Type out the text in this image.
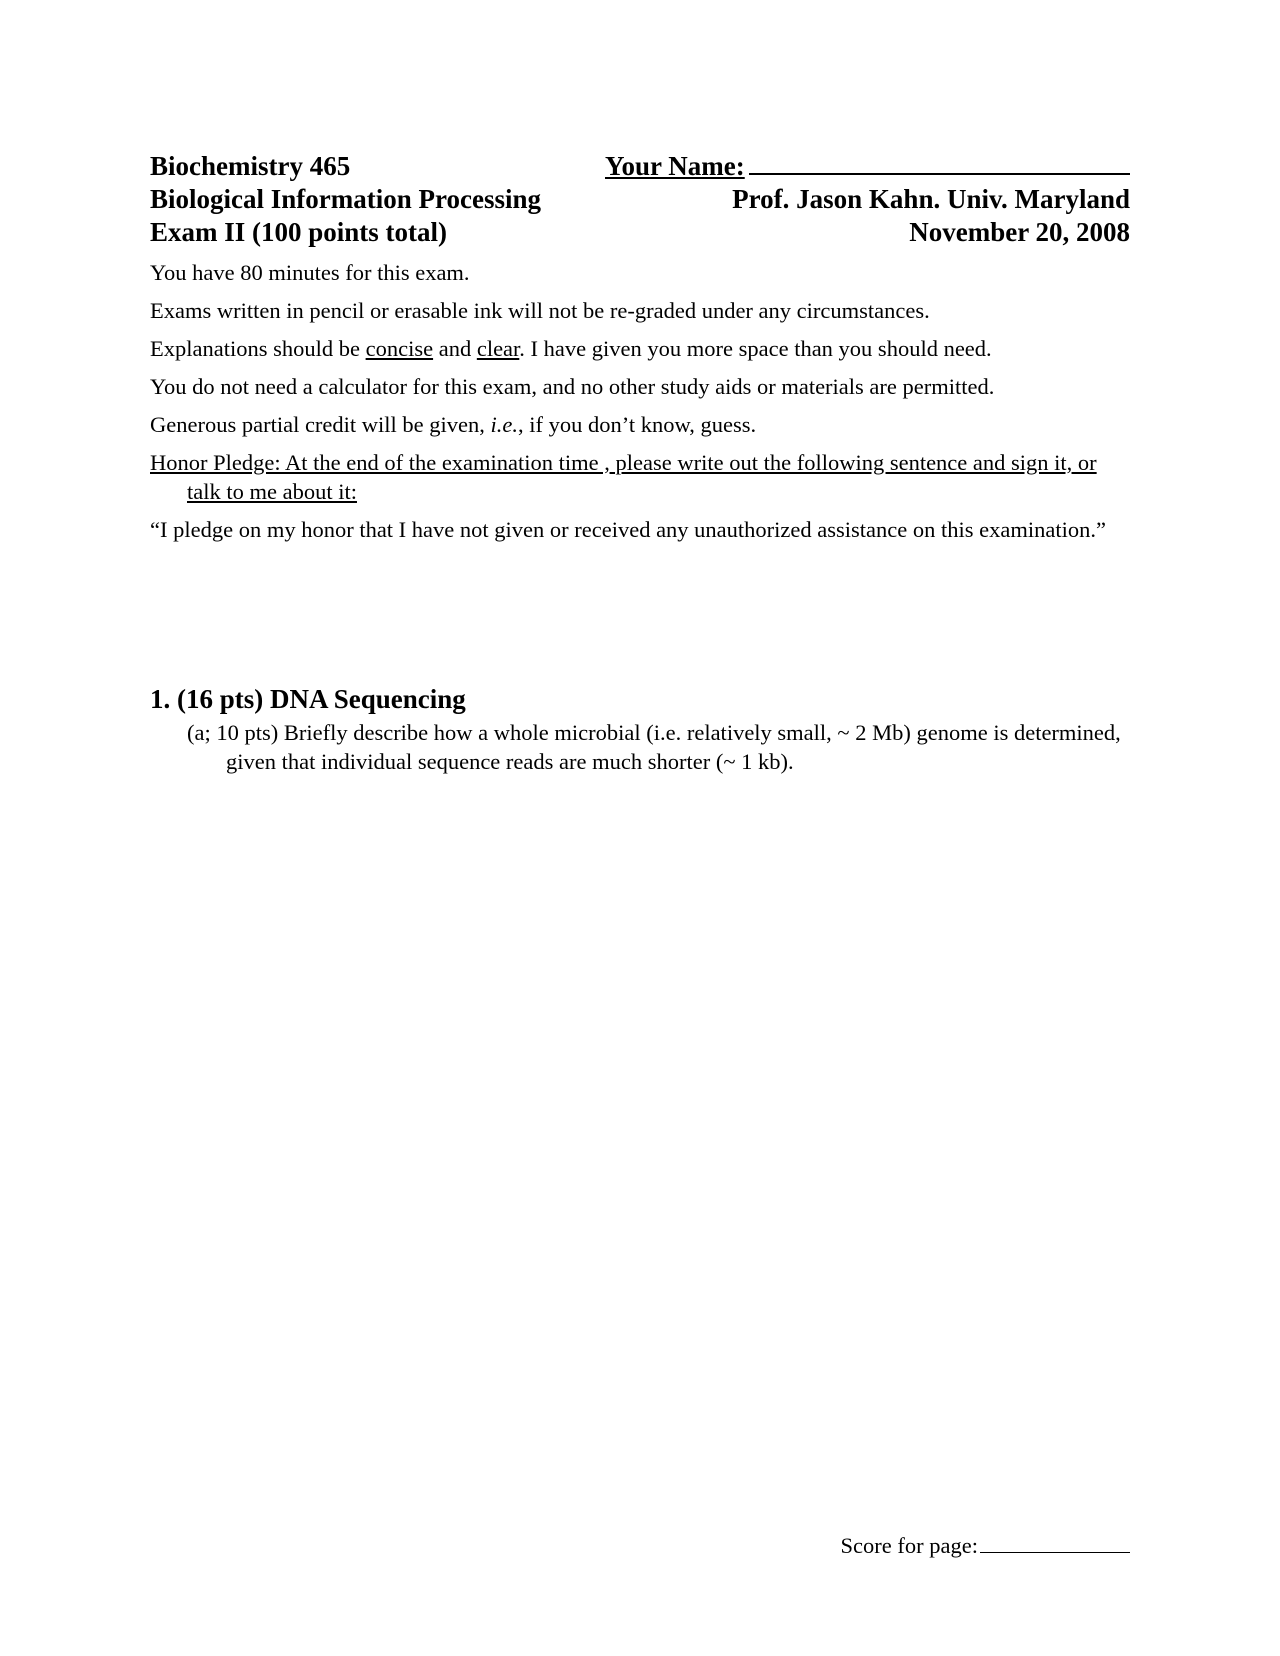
Biochemistry 465	Your Name:
Biological Information Processing	Prof. Jason Kahn. Univ. Maryland
Exam II (100 points total)	November 20, 2008

You have 80 minutes for this exam.

Exams written in pencil or erasable ink will not be re-graded under any circumstances.

Explanations should be concise and clear. I have given you more space than you should need.

You do not need a calculator for this exam, and no other study aids or materials are permitted.

Generous partial credit will be given, i.e., if you don’t know, guess.

Honor Pledge: At the end of the examination time , please write out the following sentence and sign it, or talk to me about it:

“I pledge on my honor that I have not given or received any unauthorized assistance on this examination.”

1. (16 pts) DNA Sequencing

(a; 10 pts) Briefly describe how a whole microbial (i.e. relatively small, ~ 2 Mb) genome is determined, given that individual sequence reads are much shorter (~ 1 kb).

Score for page:
